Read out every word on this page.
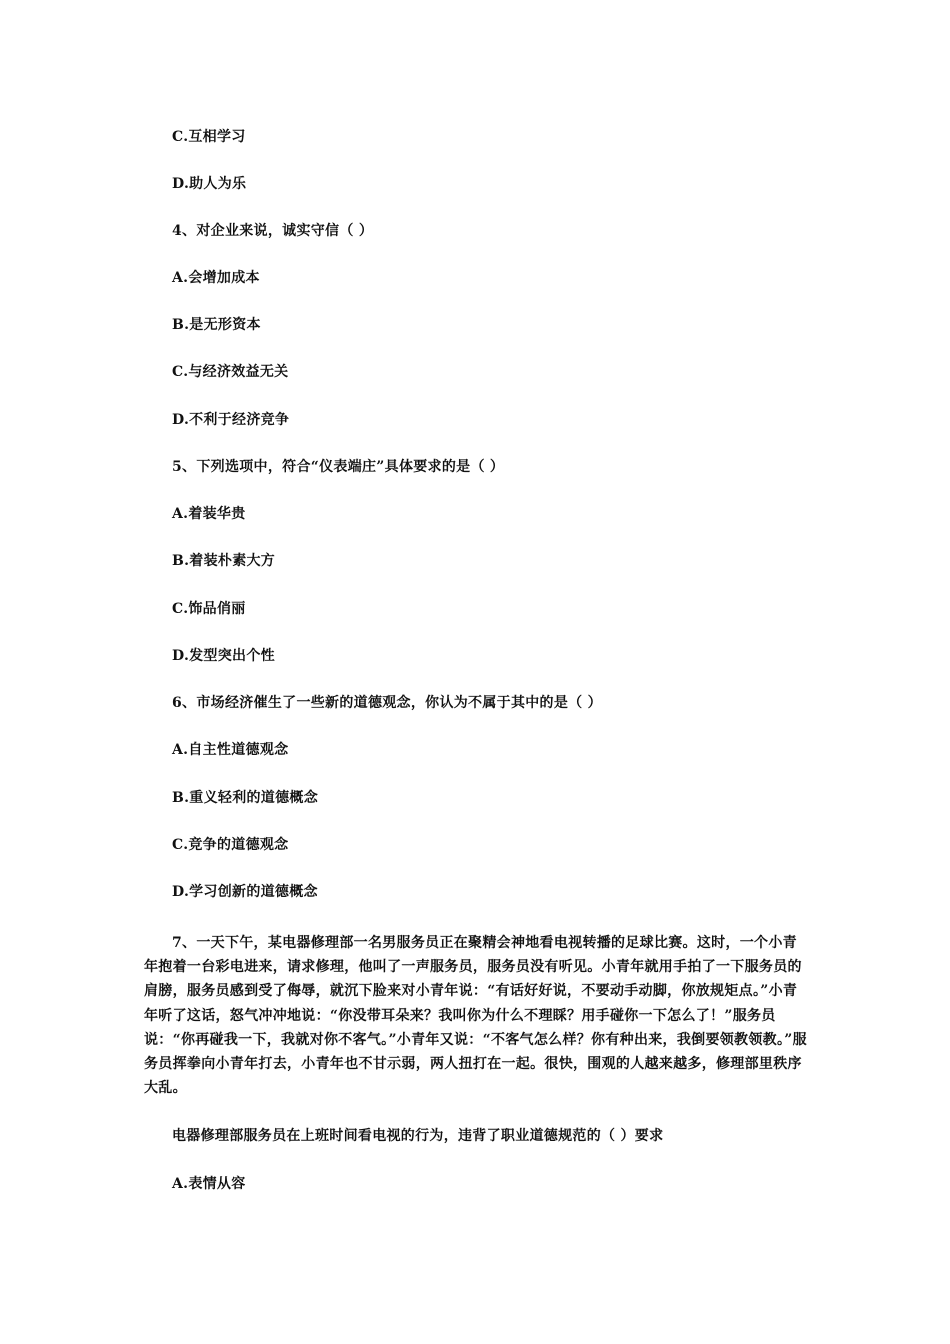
C.互相学习
D.助人为乐
4、对企业来说，诚实守信（ ）
A.会增加成本
B.是无形资本
C.与经济效益无关
D.不利于经济竞争
5、下列选项中，符合“仪表端庄”具体要求的是（ ）
A.着装华贵
B.着装朴素大方
C.饰品俏丽
D.发型突出个性
6、市场经济催生了一些新的道德观念，你认为不属于其中的是（ ）
A.自主性道德观念
B.重义轻利的道德概念
C.竞争的道德观念
D.学习创新的道德概念
7、一天下午，某电器修理部一名男服务员正在聚精会神地看电视转播的足球比赛。这时，一个小青年抱着一台彩电进来，请求修理，他叫了一声服务员，服务员没有听见。小青年就用手拍了一下服务员的肩膀，服务员感到受了侮辱，就沉下脸来对小青年说：“有话好好说，不要动手动脚，你放规矩点。”小青年听了这话，怒气冲冲地说：“你没带耳朵来？我叫你为什么不理睬？用手碰你一下怎么了！”服务员说：“你再碰我一下，我就对你不客气。”小青年又说：“不客气怎么样？你有种出来，我倒要领教领教。”服务员挥拳向小青年打去，小青年也不甘示弱，两人扭打在一起。很快，围观的人越来越多，修理部里秩序大乱。
电器修理部服务员在上班时间看电视的行为，违背了职业道德规范的（ ）要求
A.表情从容
